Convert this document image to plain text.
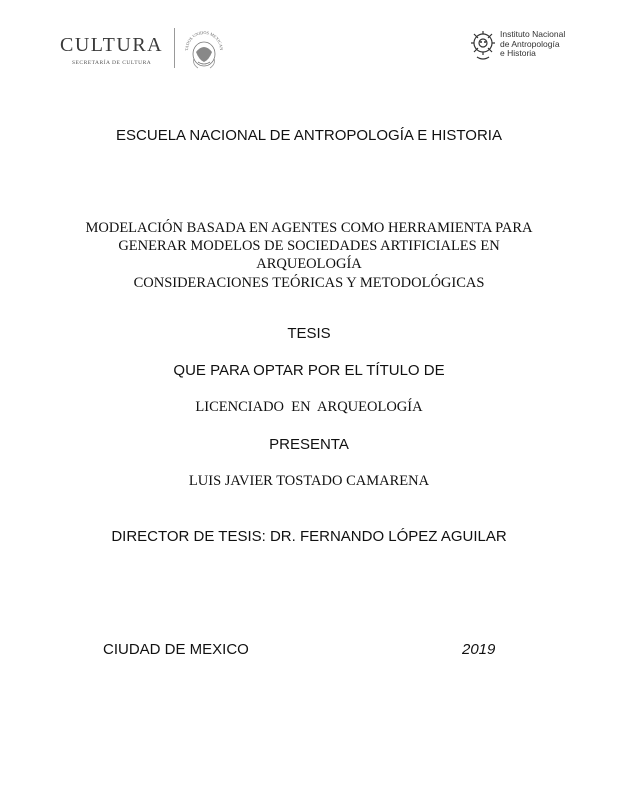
CULTURA
SECRETARÍA DE CULTURA
TADOS UNIDOS MEXICAN
Instituto Nacional
de Antropología
e Historia

ESCUELA NACIONAL DE ANTROPOLOGÍA E HISTORIA

MODELACIÓN BASADA EN AGENTES COMO HERRAMIENTA PARA

GENERAR MODELOS DE SOCIEDADES ARTIFICIALES EN

ARQUEOLOGÍA

CONSIDERACIONES TEÓRICAS Y METODOLÓGICAS

TESIS

QUE PARA OPTAR POR EL TÍTULO DE

LICENCIADO  EN  ARQUEOLOGÍA

PRESENTA

LUIS JAVIER TOSTADO CAMARENA

DIRECTOR DE TESIS: DR. FERNANDO LÓPEZ AGUILAR

CIUDAD DE MEXICO	2019
